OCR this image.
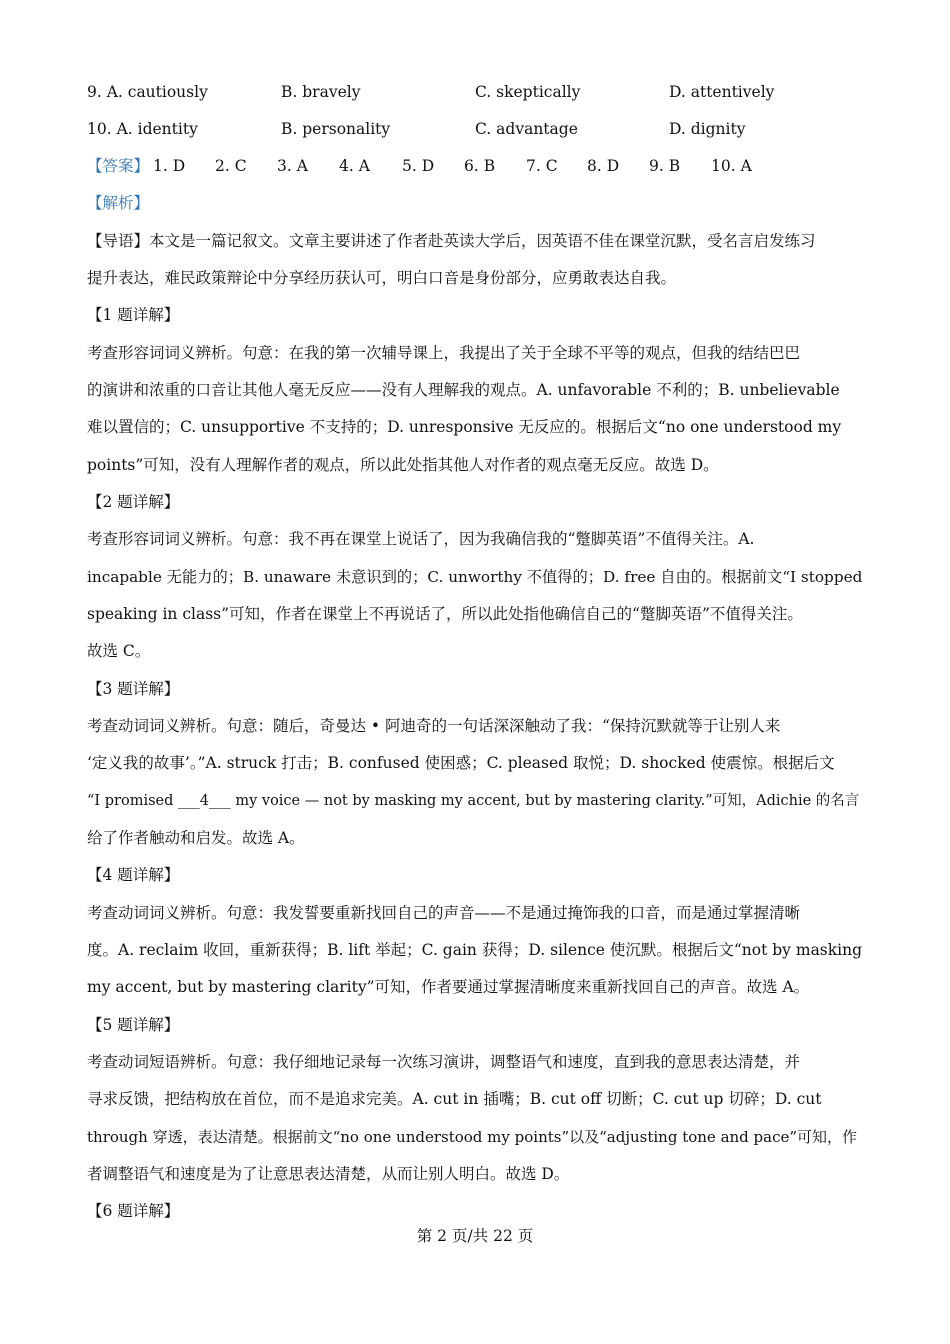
9. A. cautiously	B. bravely	C. skeptically	D. attentively
10. A. identity	B. personality	C. advantage	D. dignity
【答案】 1. D 2. C 3. A 4. A 5. D 6. B 7. C 8. D 9. B 10. A
【解析】
【导语】本文是一篇记叙文。文章主要讲述了作者赴英读大学后，因英语不佳在课堂沉默，受名言启发练习
提升表达，难民政策辩论中分享经历获认可，明白口音是身份部分，应勇敢表达自我。
【1 题详解】
考查形容词词义辨析。句意：在我的第一次辅导课上，我提出了关于全球不平等的观点，但我的结结巴巴
的演讲和浓重的口音让其他人毫无反应——没有人理解我的观点。A. unfavorable 不利的；B. unbelievable
难以置信的；C. unsupportive 不支持的；D. unresponsive 无反应的。根据后文“no one understood my
points”可知，没有人理解作者的观点，所以此处指其他人对作者的观点毫无反应。故选 D。
【2 题详解】
考查形容词词义辨析。句意：我不再在课堂上说话了，因为我确信我的“蹩脚英语”不值得关注。A.
incapable 无能力的；B. unaware 未意识到的；C. unworthy 不值得的；D. free 自由的。根据前文“I stopped
speaking in class”可知，作者在课堂上不再说话了，所以此处指他确信自己的“蹩脚英语”不值得关注。
故选 C。
【3 题详解】
考查动词词义辨析。句意：随后，奇曼达 • 阿迪奇的一句话深深触动了我：“保持沉默就等于让别人来
‘定义我的故事’。”A. struck 打击；B. confused 使困惑；C. pleased 取悦；D. shocked 使震惊。根据后文
“I promised ___4___ my voice — not by masking my accent, but by mastering clarity.”可知，Adichie 的名言
给了作者触动和启发。故选 A。
【4 题详解】
考查动词词义辨析。句意：我发誓要重新找回自己的声音——不是通过掩饰我的口音，而是通过掌握清晰
度。A. reclaim 收回，重新获得；B. lift 举起；C. gain 获得；D. silence 使沉默。根据后文“not by masking
my accent, but by mastering clarity”可知，作者要通过掌握清晰度来重新找回自己的声音。故选 A。
【5 题详解】
考查动词短语辨析。句意：我仔细地记录每一次练习演讲，调整语气和速度，直到我的意思表达清楚，并
寻求反馈，把结构放在首位，而不是追求完美。A. cut in 插嘴；B. cut off 切断；C. cut up 切碎；D. cut
through 穿透，表达清楚。根据前文“no one understood my points”以及“adjusting tone and pace”可知，作
者调整语气和速度是为了让意思表达清楚，从而让别人明白。故选 D。
【6 题详解】
第 2 页/共 22 页
